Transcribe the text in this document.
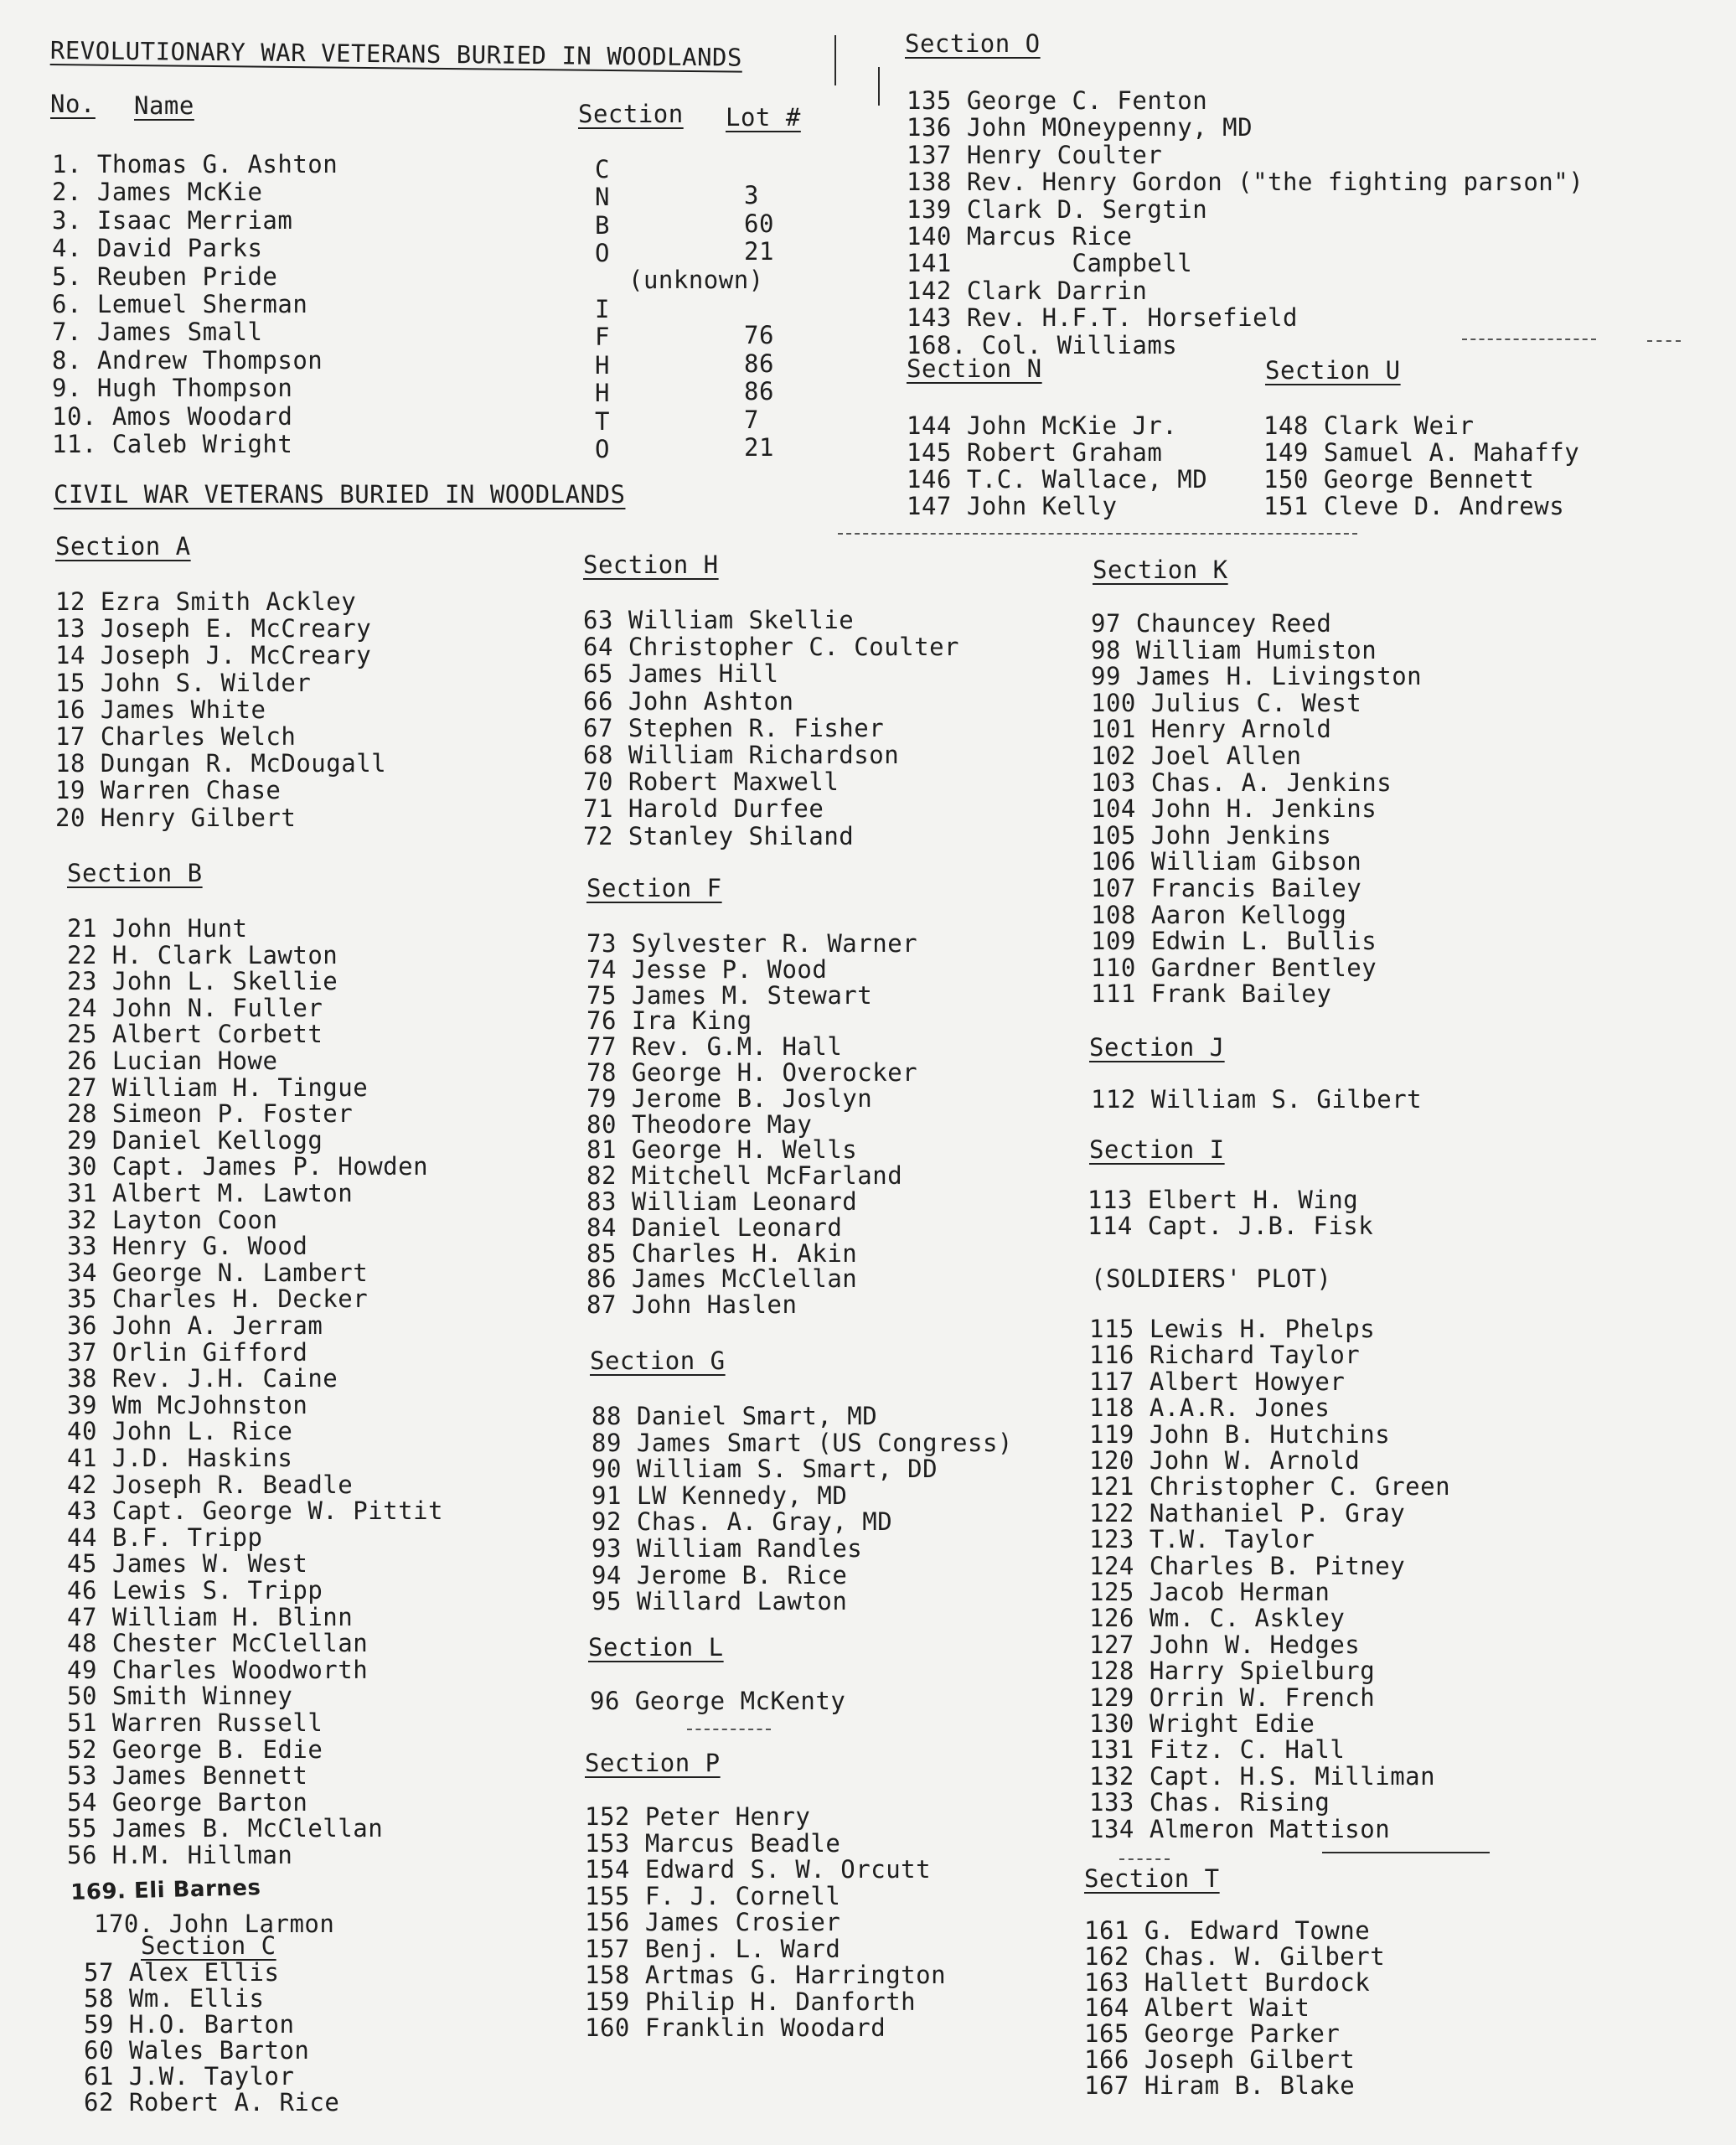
REVOLUTIONARY WAR VETERANS BURIED IN WOODLANDS
No. Name	Section Lot #
1. Thomas G. Ashton	C
2. James McKie	N	3
3. Isaac Merriam	B	60
4. David Parks	O	21
5. Reuben Pride	(unknown)
6. Lemuel Sherman	I
7. James Small	F	76
8. Andrew Thompson	H	86
9. Hugh Thompson	H	86
10. Amos Woodard	T	7
11. Caleb Wright	O	21
CIVIL WAR VETERANS BURIED IN WOODLANDS
Section O
Section N	Section U
Section A
Section B
Section C
Section H
Section F
Section G
Section L
Section P
Section K
Section J
Section I
(SOLDIERS' PLOT)
Section T
169. Eli Barnes
170. John Larmon
135 George C. Fenton
136 John MOneypenny, MD
137 Henry Coulter
138 Rev. Henry Gordon ("the fighting parson")
139 Clark D. Sergtin
140 Marcus Rice
141        Campbell
142 Clark Darrin
143 Rev. H.F.T. Horsefield
168. Col. Williams
144 John McKie Jr.
145 Robert Graham
146 T.C. Wallace, MD
147 John Kelly
148 Clark Weir
149 Samuel A. Mahaffy
150 George Bennett
151 Cleve D. Andrews
12 Ezra Smith Ackley
13 Joseph E. McCreary
14 Joseph J. McCreary
15 John S. Wilder
16 James White
17 Charles Welch
18 Dungan R. McDougall
19 Warren Chase
20 Henry Gilbert
21 John Hunt
22 H. Clark Lawton
23 John L. Skellie
24 John N. Fuller
25 Albert Corbett
26 Lucian Howe
27 William H. Tingue
28 Simeon P. Foster
29 Daniel Kellogg
30 Capt. James P. Howden
31 Albert M. Lawton
32 Layton Coon
33 Henry G. Wood
34 George N. Lambert
35 Charles H. Decker
36 John A. Jerram
37 Orlin Gifford
38 Rev. J.H. Caine
39 Wm McJohnston
40 John L. Rice
41 J.D. Haskins
42 Joseph R. Beadle
43 Capt. George W. Pittit
44 B.F. Tripp
45 James W. West
46 Lewis S. Tripp
47 William H. Blinn
48 Chester McClellan
49 Charles Woodworth
50 Smith Winney
51 Warren Russell
52 George B. Edie
53 James Bennett
54 George Barton
55 James B. McClellan
56 H.M. Hillman
57 Alex Ellis
58 Wm. Ellis
59 H.O. Barton
60 Wales Barton
61 J.W. Taylor
62 Robert A. Rice
63 William Skellie
64 Christopher C. Coulter
65 James Hill
66 John Ashton
67 Stephen R. Fisher
68 William Richardson
70 Robert Maxwell
71 Harold Durfee
72 Stanley Shiland
73 Sylvester R. Warner
74 Jesse P. Wood
75 James M. Stewart
76 Ira King
77 Rev. G.M. Hall
78 George H. Overocker
79 Jerome B. Joslyn
80 Theodore May
81 George H. Wells
82 Mitchell McFarland
83 William Leonard
84 Daniel Leonard
85 Charles H. Akin
86 James McClellan
87 John Haslen
88 Daniel Smart, MD
89 James Smart (US Congress)
90 William S. Smart, DD
91 LW Kennedy, MD
92 Chas. A. Gray, MD
93 William Randles
94 Jerome B. Rice
95 Willard Lawton
96 George McKenty
152 Peter Henry
153 Marcus Beadle
154 Edward S. W. Orcutt
155 F. J. Cornell
156 James Crosier
157 Benj. L. Ward
158 Artmas G. Harrington
159 Philip H. Danforth
160 Franklin Woodard
97 Chauncey Reed
98 William Humiston
99 James H. Livingston
100 Julius C. West
101 Henry Arnold
102 Joel Allen
103 Chas. A. Jenkins
104 John H. Jenkins
105 John Jenkins
106 William Gibson
107 Francis Bailey
108 Aaron Kellogg
109 Edwin L. Bullis
110 Gardner Bentley
111 Frank Bailey
112 William S. Gilbert
113 Elbert H. Wing
114 Capt. J.B. Fisk
115 Lewis H. Phelps
116 Richard Taylor
117 Albert Howyer
118 A.A.R. Jones
119 John B. Hutchins
120 John W. Arnold
121 Christopher C. Green
122 Nathaniel P. Gray
123 T.W. Taylor
124 Charles B. Pitney
125 Jacob Herman
126 Wm. C. Askley
127 John W. Hedges
128 Harry Spielburg
129 Orrin W. French
130 Wright Edie
131 Fitz. C. Hall
132 Capt. H.S. Milliman
133 Chas. Rising
134 Almeron Mattison
161 G. Edward Towne
162 Chas. W. Gilbert
163 Hallett Burdock
164 Albert Wait
165 George Parker
166 Joseph Gilbert
167 Hiram B. Blake
